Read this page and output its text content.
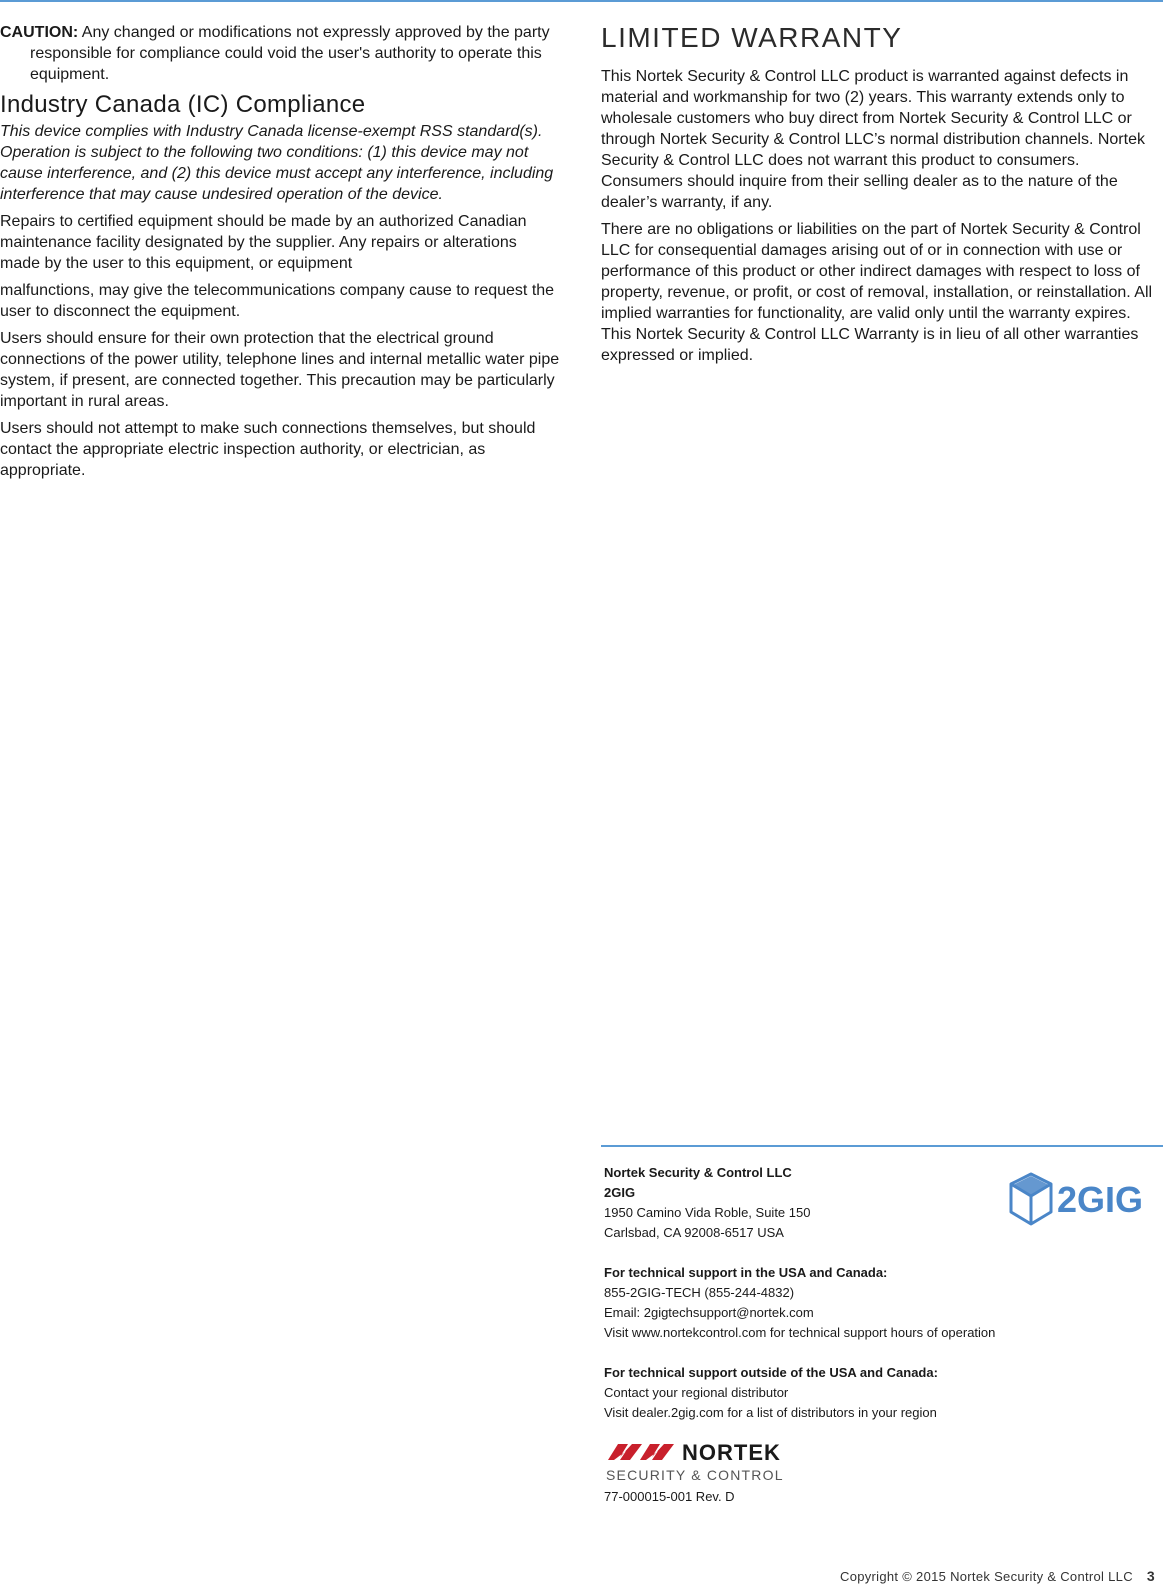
CAUTION: Any changed or modifications not expressly approved by the party responsible for compliance could void the user's authority to operate this equipment.

Industry Canada (IC) Compliance

This device complies with Industry Canada license-exempt RSS standard(s). Operation is subject to the following two conditions: (1) this device may not cause interference, and (2) this device must accept any interference, including interference that may cause undesired operation of the device.

Repairs to certified equipment should be made by an authorized Canadian maintenance facility designated by the supplier. Any repairs or alterations made by the user to this equipment, or equipment

malfunctions, may give the telecommunications company cause to request the user to disconnect the equipment.

Users should ensure for their own protection that the electrical ground connections of the power utility, telephone lines and internal metallic water pipe system, if present, are connected together. This precaution may be particularly important in rural areas.

Users should not attempt to make such connections themselves, but should contact the appropriate electric inspection authority, or electrician, as appropriate.

LIMITED WARRANTY

This Nortek Security & Control LLC product is warranted against defects in material and workmanship for two (2) years. This warranty extends only to wholesale customers who buy direct from Nortek Security & Control LLC or through Nortek Security & Control LLC’s normal distribution channels. Nortek Security & Control LLC does not warrant this product to consumers. Consumers should inquire from their selling dealer as to the nature of the dealer’s warranty, if any.

There are no obligations or liabilities on the part of Nortek Security & Control LLC for consequential damages arising out of or in connection with use or performance of this product or other indirect damages with respect to loss of property, revenue, or profit, or cost of removal, installation, or reinstallation. All implied warranties for functionality, are valid only until the warranty expires. This Nortek Security & Control LLC Warranty is in lieu of all other warranties expressed or implied.

Nortek Security & Control LLC
2GIG
1950 Camino Vida Roble, Suite 150
Carlsbad, CA 92008-6517 USA
For technical support in the USA and Canada:
855-2GIG-TECH (855-244-4832)
Email: 2gigtechsupport@nortek.com
Visit www.nortekcontrol.com for technical support hours of operation
For technical support outside of the USA and Canada:
Contact your regional distributor
Visit dealer.2gig.com for a list of distributors in your region
2GIG
NORTEK
SECURITY & CONTROL
77-000015-001 Rev. D
Copyright © 2015 Nortek Security & Control LLC 3
